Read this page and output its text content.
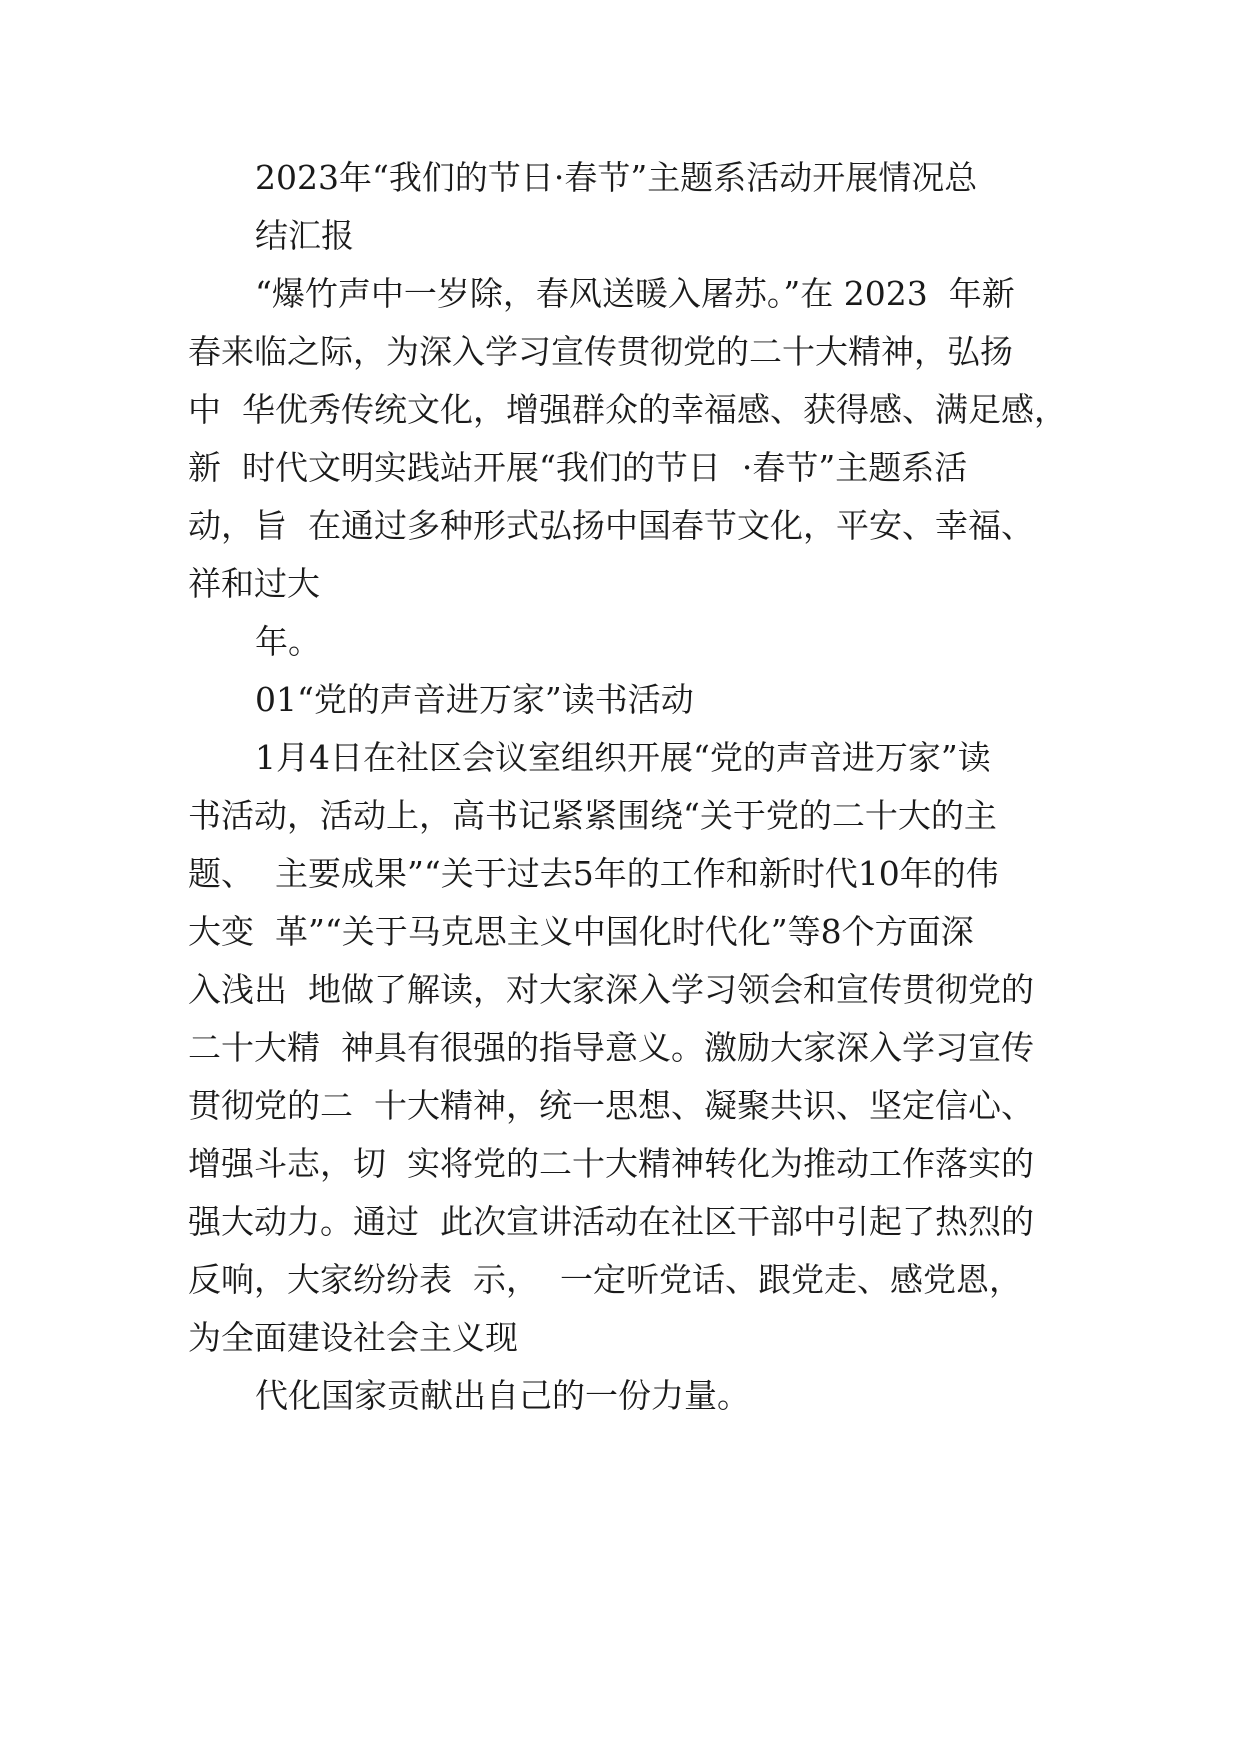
2023年“我们的节日·春节”主题系活动开展情况总
结汇报
“爆竹声中一岁除，春风送暖入屠苏。”在 2023  年新
春来临之际，为深入学习宣传贯彻党的二十大精神，弘扬
中  华优秀传统文化，增强群众的幸福感、获得感、满足感，
新  时代文明实践站开展“我们的节日  ·春节”主题系活
动，旨  在通过多种形式弘扬中国春节文化，平安、幸福、
祥和过大
年。
01“党的声音进万家”读书活动
1月4日在社区会议室组织开展“党的声音进万家”读
书活动，活动上，高书记紧紧围绕“关于党的二十大的主
题、  主要成果”“关于过去5年的工作和新时代10年的伟
大变  革”“关于马克思主义中国化时代化”等8个方面深
入浅出  地做了解读，对大家深入学习领会和宣传贯彻党的
二十大精  神具有很强的指导意义。激励大家深入学习宣传
贯彻党的二  十大精神，统一思想、凝聚共识、坚定信心、
增强斗志，切  实将党的二十大精神转化为推动工作落实的
强大动力。通过  此次宣讲活动在社区干部中引起了热烈的
反响，大家纷纷表  示，  一定听党话、跟党走、感党恩，
为全面建设社会主义现
代化国家贡献出自己的一份力量。
